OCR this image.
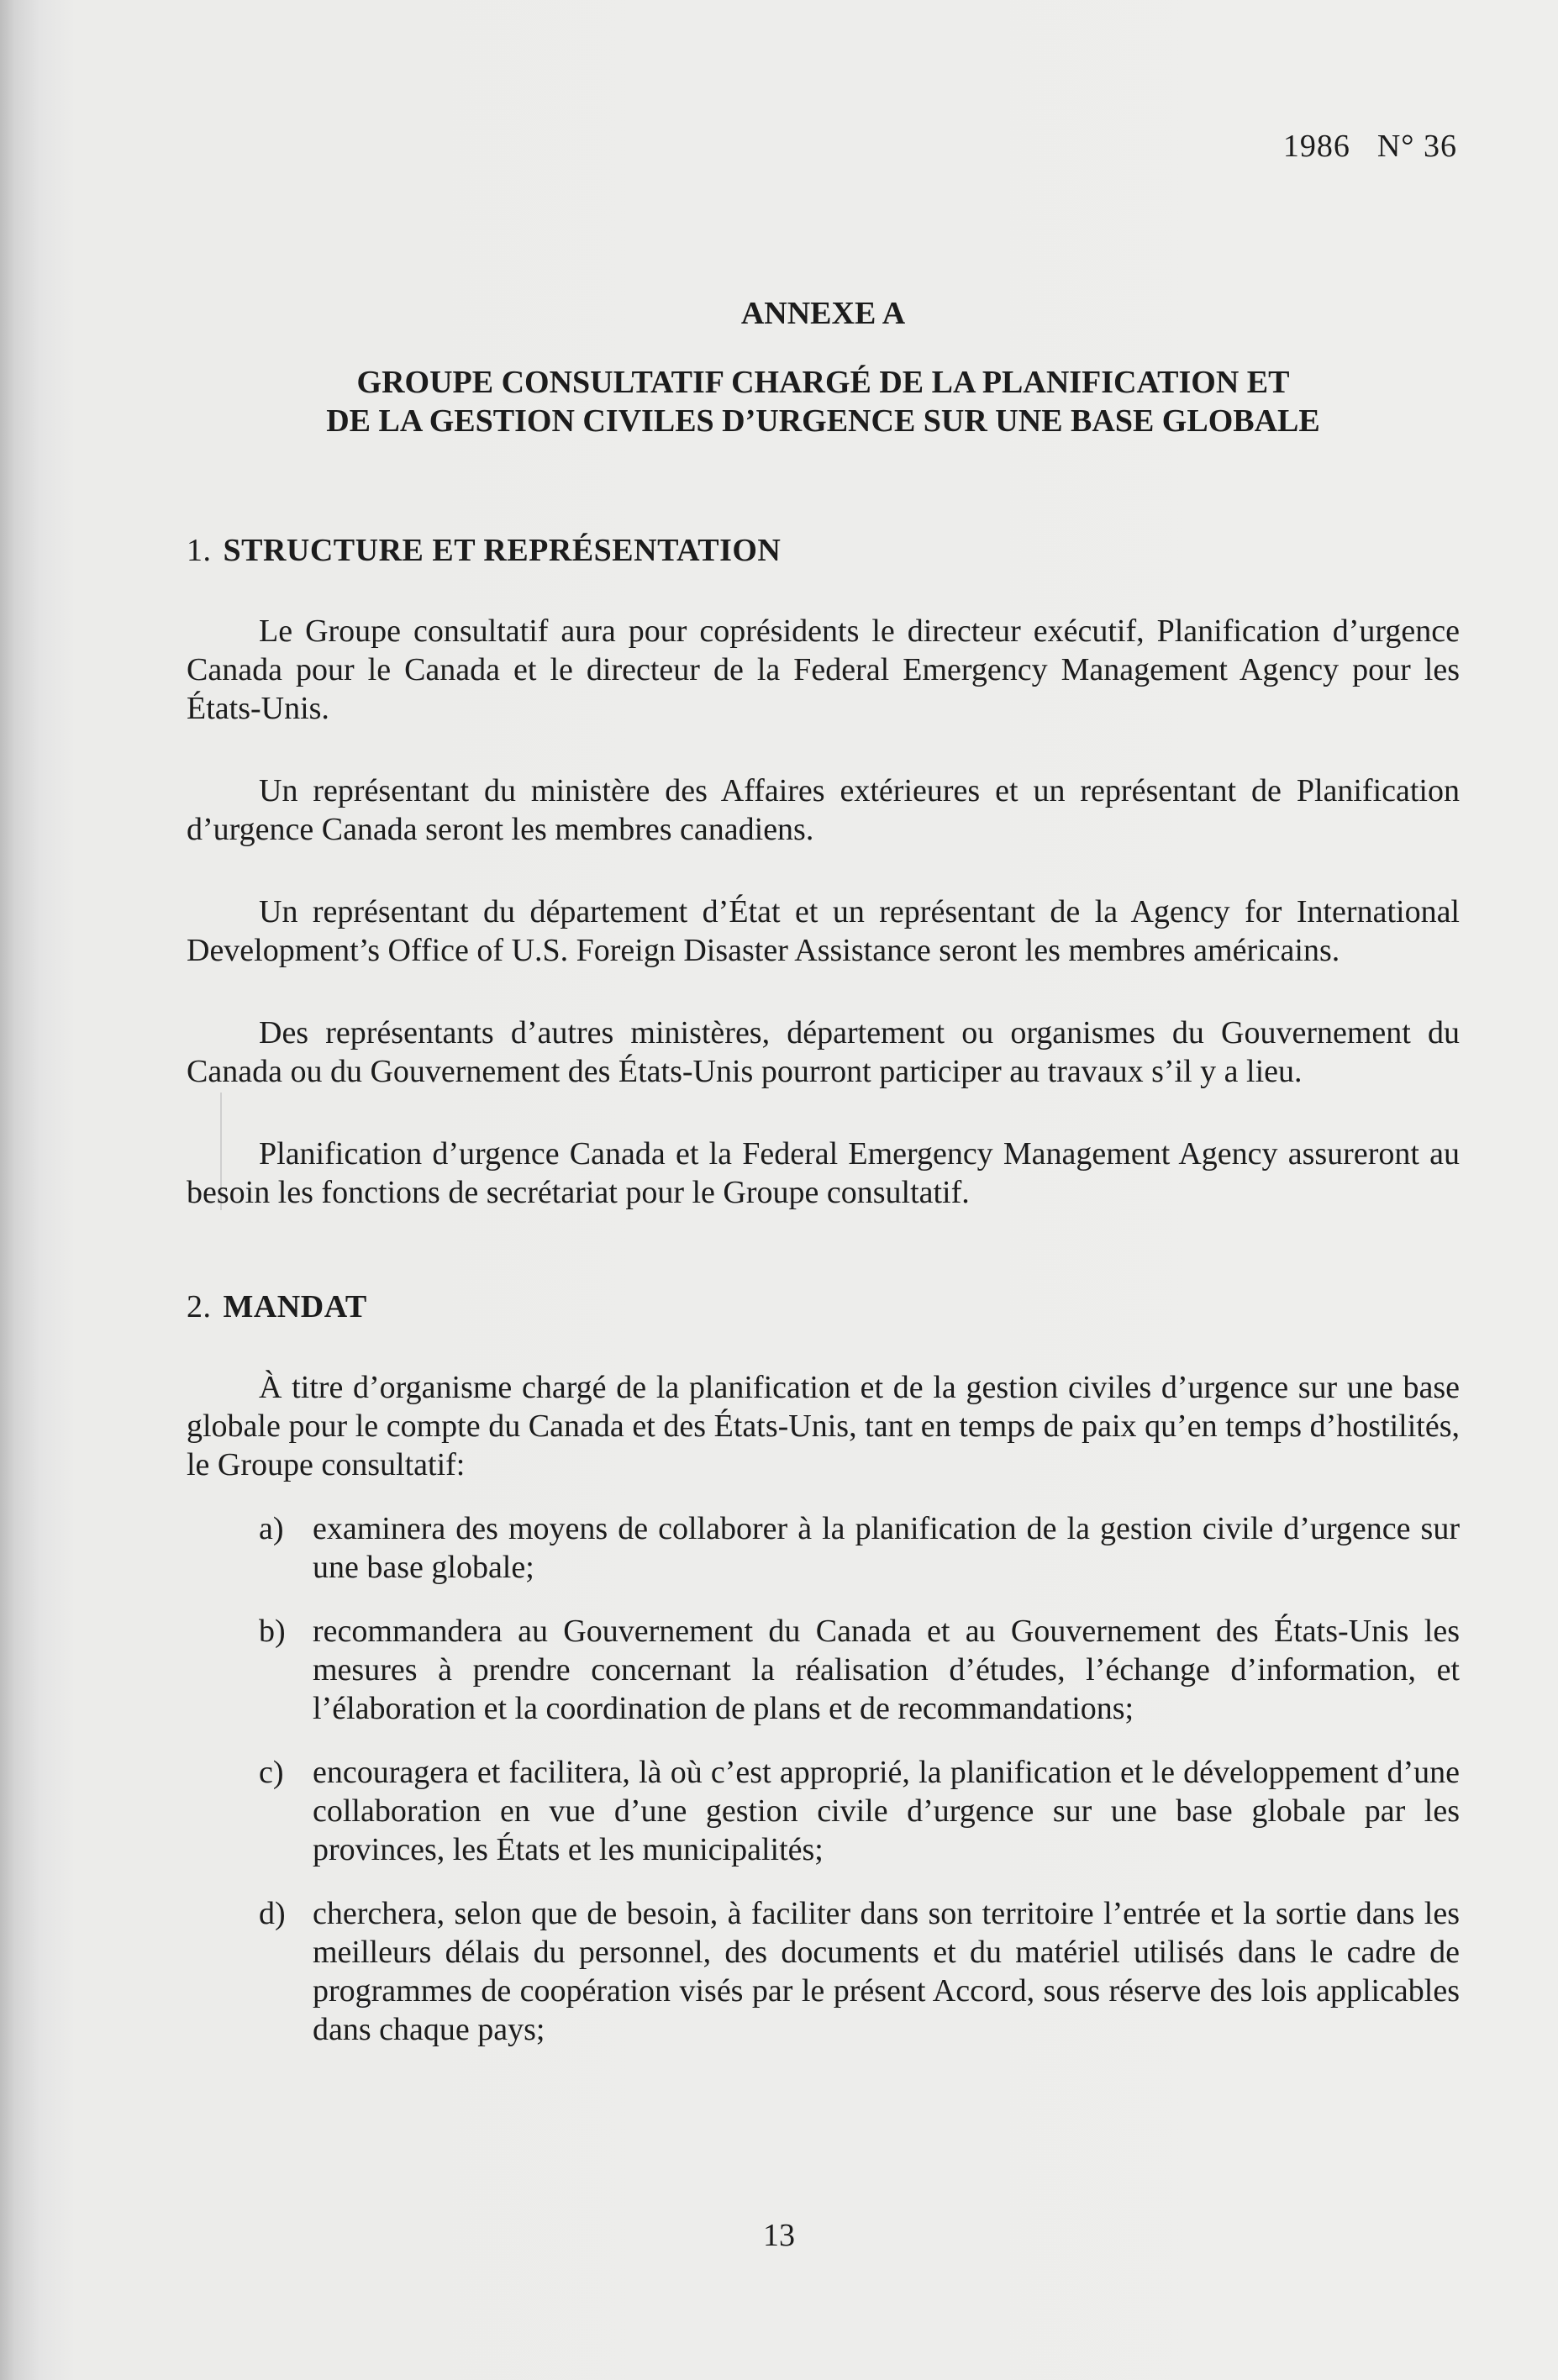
1986 N° 36
ANNEXE A
GROUPE CONSULTATIF CHARGÉ DE LA PLANIFICATION ET
DE LA GESTION CIVILES D’URGENCE SUR UNE BASE GLOBALE
1. STRUCTURE ET REPRÉSENTATION

Le Groupe consultatif aura pour coprésidents le directeur exécutif, Planification d’urgence Canada pour le Canada et le directeur de la Federal Emergency Management Agency pour les États-Unis.

Un représentant du ministère des Affaires extérieures et un représentant de Planification d’urgence Canada seront les membres canadiens.

Un représentant du département d’État et un représentant de la Agency for International Development’s Office of U.S. Foreign Disaster Assistance seront les membres américains.

Des représentants d’autres ministères, département ou organismes du Gouvernement du Canada ou du Gouvernement des États-Unis pourront participer au travaux s’il y a lieu.

Planification d’urgence Canada et la Federal Emergency Management Agency assureront au besoin les fonctions de secrétariat pour le Groupe consultatif.

2. MANDAT

À titre d’organisme chargé de la planification et de la gestion civiles d’urgence sur une base globale pour le compte du Canada et des États-Unis, tant en temps de paix qu’en temps d’hostilités, le Groupe consultatif:

a) examinera des moyens de collaborer à la planification de la gestion civile d’urgence sur une base globale;
b) recommandera au Gouvernement du Canada et au Gouvernement des États-Unis les mesures à prendre concernant la réalisation d’études, l’échange d’information, et l’élaboration et la coordination de plans et de recommandations;
c) encouragera et facilitera, là où c’est approprié, la planification et le développement d’une collaboration en vue d’une gestion civile d’urgence sur une base globale par les provinces, les États et les municipalités;
d) cherchera, selon que de besoin, à faciliter dans son territoire l’entrée et la sortie dans les meilleurs délais du personnel, des documents et du matériel utilisés dans le cadre de programmes de coopération visés par le présent Accord, sous réserve des lois applicables dans chaque pays;
13
